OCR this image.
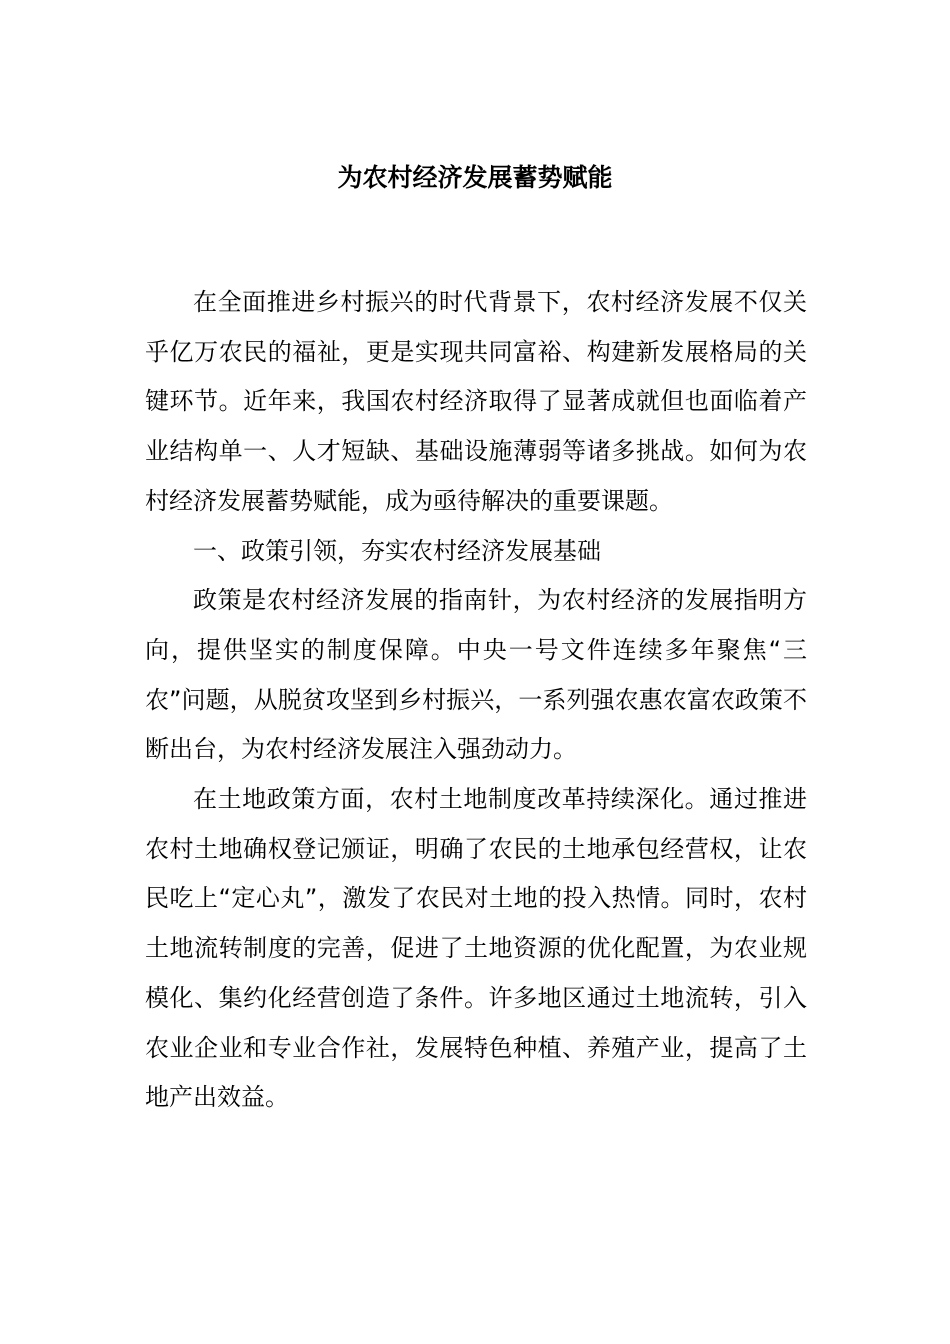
为农村经济发展蓄势赋能

在全面推进乡村振兴的时代背景下，农村经济发展不仅关乎亿万农民的福祉，更是实现共同富裕、构建新发展格局的关键环节。近年来，我国农村经济取得了显著成就但也面临着产业结构单一、人才短缺、基础设施薄弱等诸多挑战。如何为农村经济发展蓄势赋能，成为亟待解决的重要课题。

一、政策引领，夯实农村经济发展基础

政策是农村经济发展的指南针，为农村经济的发展指明方向，提供坚实的制度保障。中央一号文件连续多年聚焦“三农”问题，从脱贫攻坚到乡村振兴，一系列强农惠农富农政策不断出台，为农村经济发展注入强劲动力。

在土地政策方面，农村土地制度改革持续深化。通过推进农村土地确权登记颁证，明确了农民的土地承包经营权，让农民吃上“定心丸”，激发了农民对土地的投入热情。同时，农村土地流转制度的完善，促进了土地资源的优化配置，为农业规模化、集约化经营创造了条件。许多地区通过土地流转，引入农业企业和专业合作社，发展特色种植、养殖产业，提高了土地产出效益。
